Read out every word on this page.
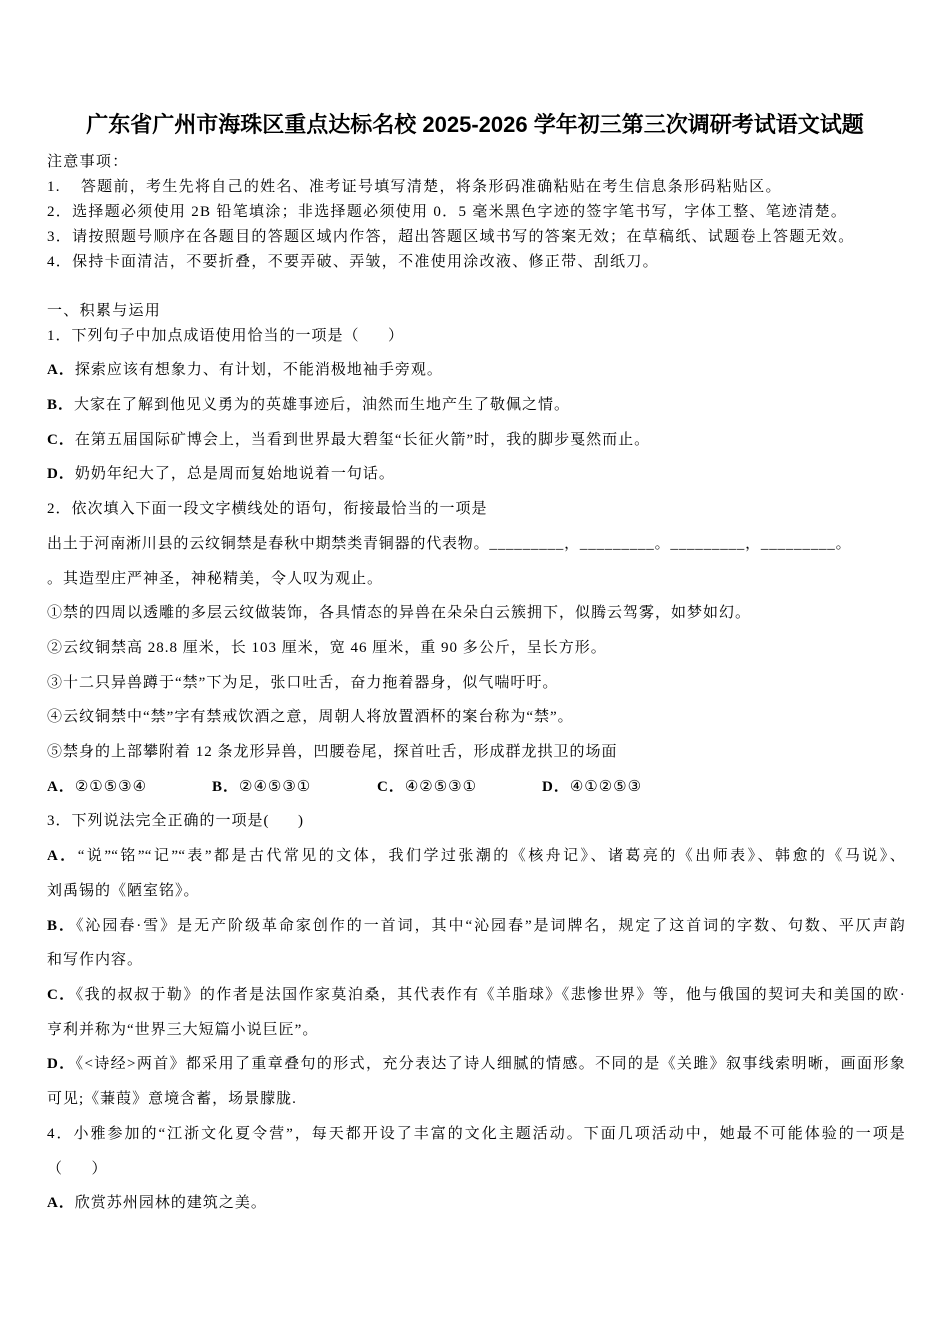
广东省广州市海珠区重点达标名校 2025-2026 学年初三第三次调研考试语文试题
注意事项：
1. 答题前，考生先将自己的姓名、准考证号填写清楚，将条形码准确粘贴在考生信息条形码粘贴区。
2．选择题必须使用 2B 铅笔填涂；非选择题必须使用 0．5 毫米黑色字迹的签字笔书写，字体工整、笔迹清楚。
3．请按照题号顺序在各题目的答题区域内作答，超出答题区域书写的答案无效；在草稿纸、试题卷上答题无效。
4．保持卡面清洁，不要折叠，不要弄破、弄皱，不准使用涂改液、修正带、刮纸刀。
一、积累与运用
1．下列句子中加点成语使用恰当的一项是（      ）
A．探索应该有想象力、有计划，不能消极地袖手旁观。
B．大家在了解到他见义勇为的英雄事迹后，油然而生地产生了敬佩之情。
C．在第五届国际矿博会上，当看到世界最大碧玺“长征火箭”时，我的脚步戛然而止。
D．奶奶年纪大了，总是周而复始地说着一句话。
2．依次填入下面一段文字横线处的语句，衔接最恰当的一项是
出土于河南淅川县的云纹铜禁是春秋中期禁类青铜器的代表物。_________，_________。_________，_________。
。其造型庄严神圣，神秘精美，令人叹为观止。
①禁的四周以透雕的多层云纹做装饰，各具情态的异兽在朵朵白云簇拥下，似腾云驾雾，如梦如幻。
②云纹铜禁高 28.8 厘米，长 103 厘米，宽 46 厘米，重 90 多公斤，呈长方形。
③十二只异兽蹲于“禁”下为足，张口吐舌，奋力拖着器身，似气喘吁吁。
④云纹铜禁中“禁”字有禁戒饮酒之意，周朝人将放置酒杯的案台称为“禁”。
⑤禁身的上部攀附着 12 条龙形异兽，凹腰卷尾，探首吐舌，形成群龙拱卫的场面
A．②①⑤③④	B．②④⑤③①	C．④②⑤③①	D．④①②⑤③
3．下列说法完全正确的一项是(      )
A．“说”“铭”“记”“表”都是古代常见的文体，我们学过张潮的《核舟记》、诸葛亮的《出师表》、韩愈的《马说》、
刘禹锡的《陋室铭》。
B．《沁园春·雪》是无产阶级革命家创作的一首词，其中“沁园春”是词牌名，规定了这首词的字数、句数、平仄声韵
和写作内容。
C．《我的叔叔于勒》的作者是法国作家莫泊桑，其代表作有《羊脂球》《悲惨世界》等，他与俄国的契诃夫和美国的欧·
亨利并称为“世界三大短篇小说巨匠”。
D．《<诗经>两首》都采用了重章叠句的形式，充分表达了诗人细腻的情感。不同的是《关雎》叙事线索明晰，画面形象
可见;《蒹葭》意境含蓄，场景朦胧.
4．小雅参加的“江浙文化夏令营”，每天都开设了丰富的文化主题活动。下面几项活动中，她最不可能体验的一项是
（      ）
A．欣赏苏州园林的建筑之美。
